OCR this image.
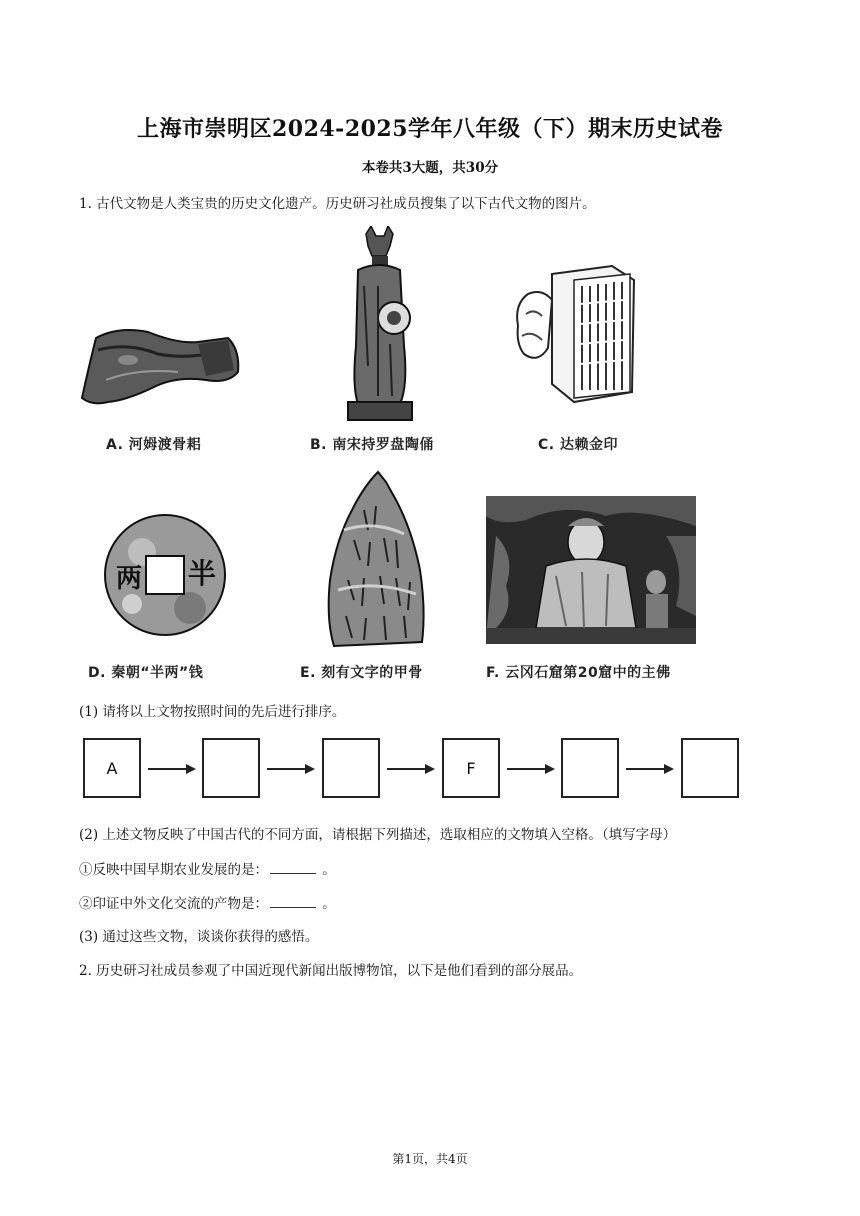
上海市崇明区2024-2025学年八年级（下）期末历史试卷
本卷共3大题，共30分
1. 古代文物是人类宝贵的历史文化遗产。历史研习社成员搜集了以下古代文物的图片。
A. 河姆渡骨耜	B. 南宋持罗盘陶俑	C. 达赖金印
两 半
D. 秦朝“半两”钱	E. 刻有文字的甲骨	F. 云冈石窟第20窟中的主佛
(1) 请将以上文物按照时间的先后进行排序。
A	F
(2) 上述文物反映了中国古代的不同方面，请根据下列描述，选取相应的文物填入空格。（填写字母）
①反映中国早期农业发展的是：	。
②印证中外文化交流的产物是：	。
(3) 通过这些文物，谈谈你获得的感悟。
2. 历史研习社成员参观了中国近现代新闻出版博物馆，以下是他们看到的部分展品。
第1页，共4页
